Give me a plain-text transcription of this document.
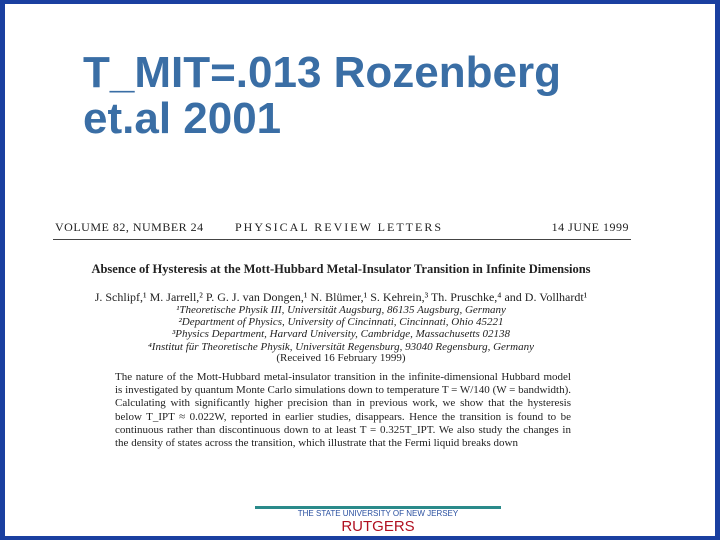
T_MIT=.013 Rozenberg
et.al 2001
VOLUME 82, NUMBER 24	PHYSICAL REVIEW LETTERS	14 JUNE 1999
Absence of Hysteresis at the Mott-Hubbard Metal-Insulator Transition in Infinite Dimensions
J. Schlipf,¹ M. Jarrell,² P. G. J. van Dongen,¹ N. Blümer,¹ S. Kehrein,³ Th. Pruschke,⁴ and D. Vollhardt¹
¹Theoretische Physik III, Universität Augsburg, 86135 Augsburg, Germany
²Department of Physics, University of Cincinnati, Cincinnati, Ohio 45221
³Physics Department, Harvard University, Cambridge, Massachusetts 02138
⁴Institut für Theoretische Physik, Universität Regensburg, 93040 Regensburg, Germany
(Received 16 February 1999)
The nature of the Mott-Hubbard metal-insulator transition in the infinite-dimensional Hubbard model is investigated by quantum Monte Carlo simulations down to temperature T = W/140 (W = bandwidth). Calculating with significantly higher precision than in previous work, we show that the hysteresis below T_IPT ≈ 0.022W, reported in earlier studies, disappears. Hence the transition is found to be continuous rather than discontinuous down to at least T = 0.325T_IPT. We also study the changes in the density of states across the transition, which illustrate that the Fermi liquid breaks down
THE STATE UNIVERSITY OF NEW JERSEY
RUTGERS
